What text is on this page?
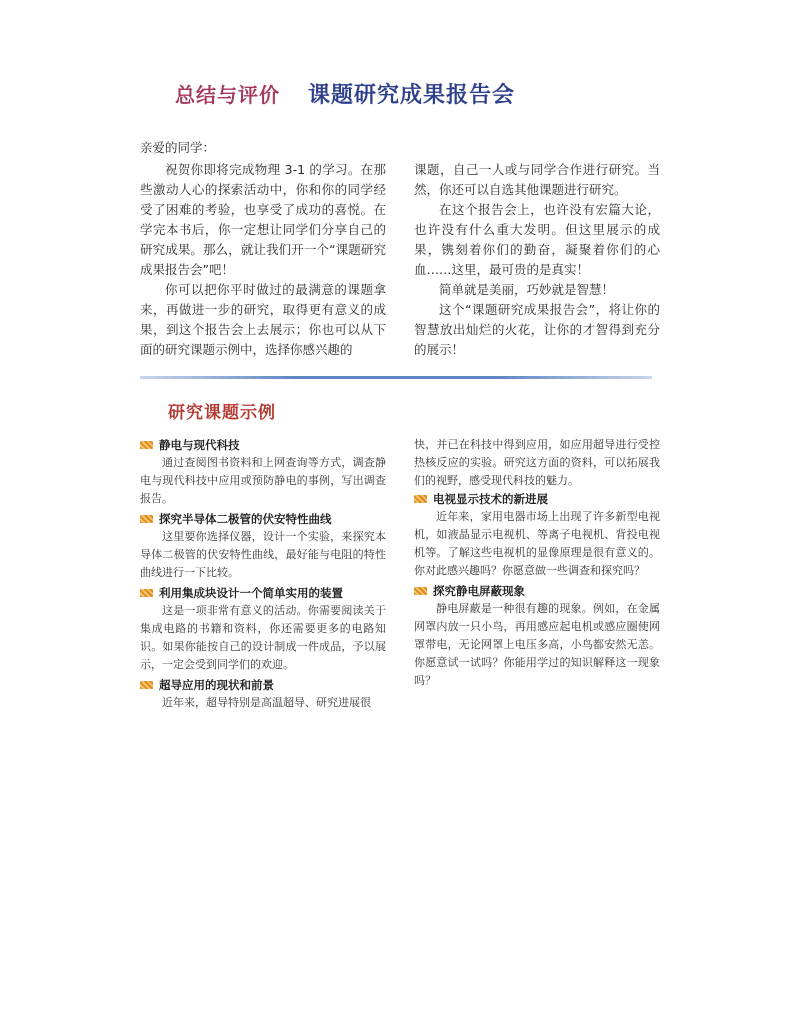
总结与评价 课题研究成果报告会

亲爱的同学：

祝贺你即将完成物理 3-1 的学习。在那些激动人心的探索活动中，你和你的同学经受了困难的考验，也享受了成功的喜悦。在学完本书后，你一定想让同学们分享自己的研究成果。那么，就让我们开一个“课题研究成果报告会”吧！

你可以把你平时做过的最满意的课题拿来，再做进一步的研究，取得更有意义的成果，到这个报告会上去展示；你也可以从下面的研究课题示例中，选择你感兴趣的

课题，自己一人或与同学合作进行研究。当然，你还可以自选其他课题进行研究。

在这个报告会上，也许没有宏篇大论，也许没有什么重大发明。但这里展示的成果，镌刻着你们的勤奋，凝聚着你们的心血……这里，最可贵的是真实！

简单就是美丽，巧妙就是智慧！

这个“课题研究成果报告会”，将让你的智慧放出灿烂的火花，让你的才智得到充分的展示！

研究课题示例
静电与现代科技

通过查阅图书资料和上网查询等方式，调查静电与现代科技中应用或预防静电的事例，写出调查报告。

探究半导体二极管的伏安特性曲线

这里要你选择仪器，设计一个实验，来探究本导体二极管的伏安特性曲线，最好能与电阻的特性曲线进行一下比较。

利用集成块设计一个简单实用的装置

这是一项非常有意义的活动。你需要阅读关于集成电路的书籍和资料，你还需要更多的电路知识。如果你能按自己的设计制成一件成品，予以展示，一定会受到同学们的欢迎。

超导应用的现状和前景

近年来，超导特别是高温超导、研究进展很

快，并已在科技中得到应用，如应用超导进行受控热核反应的实验。研究这方面的资料，可以拓展我们的视野，感受现代科技的魅力。

电视显示技术的新进展

近年来，家用电器市场上出现了许多新型电视机，如液晶显示电视机、等离子电视机、背投电视机等。了解这些电视机的显像原理是很有意义的。你对此感兴趣吗？你愿意做一些调查和探究吗？

探究静电屏蔽现象

静电屏蔽是一种很有趣的现象。例如，在金属网罩内放一只小鸟，再用感应起电机或感应圈使网罩带电，无论网罩上电压多高，小鸟都安然无恙。你愿意试一试吗？你能用学过的知识解释这一现象吗？
